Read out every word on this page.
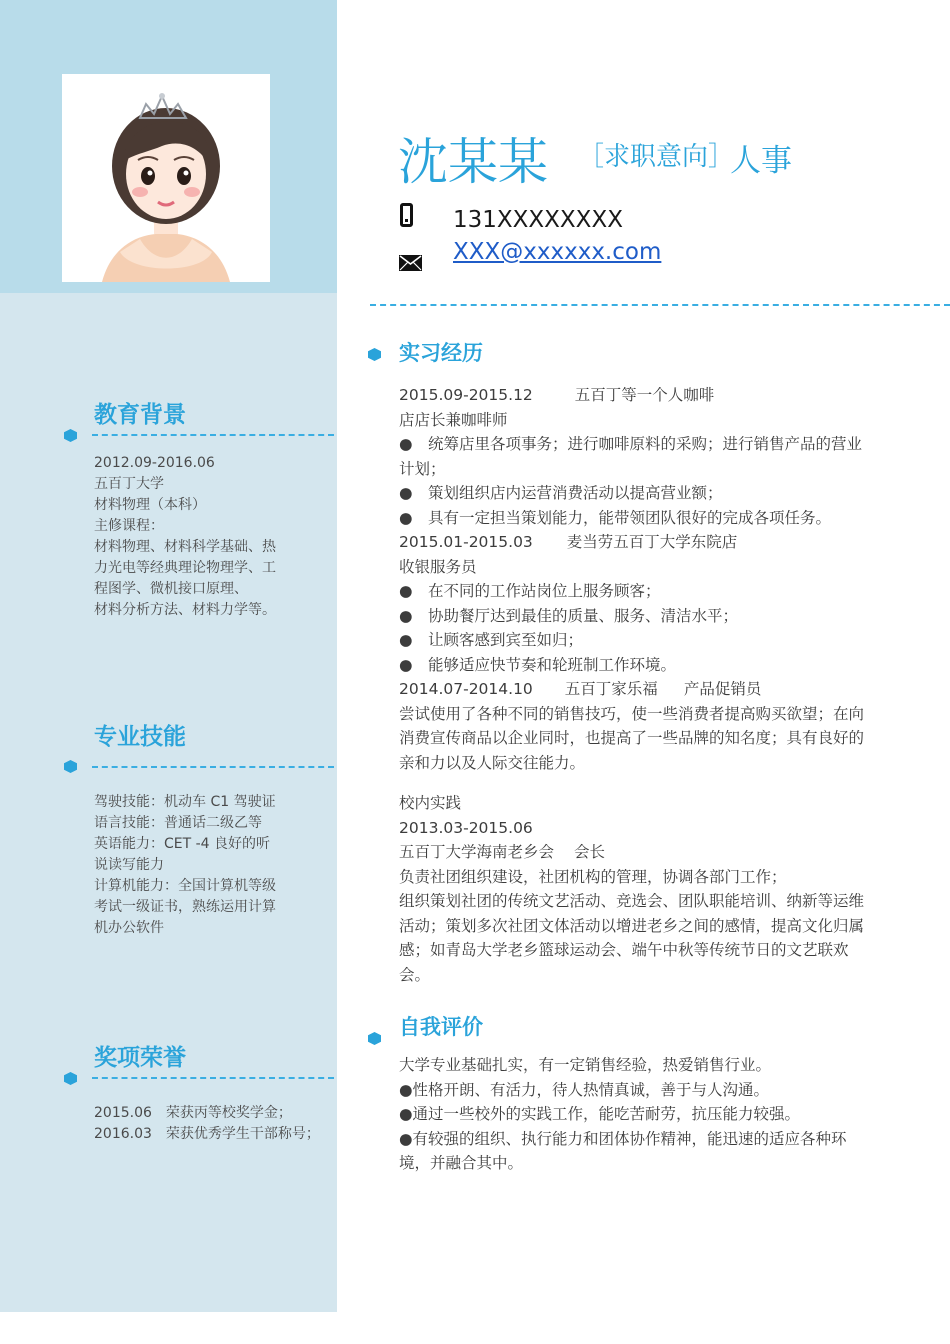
2012.09-2016.06
五百丁大学
材料物理（本科）
主修课程：
材料物理、材料科学基础、热
力光电等经典理论物理学、工
程图学、微机接口原理、
材料分析方法、材料力学等。
专业技能
驾驶技能：机动车 C1 驾驶证
语言技能：普通话二级乙等
英语能力：CET -4 良好的听
说读写能力
计算机能力：全国计算机等级
考试一级证书，熟练运用计算
机办公软件
奖项荣誉
2015.06　荣获丙等校奖学金；
2016.03　荣获优秀学生干部称号；
沈某某 ［求职意向］
人事
131XXXXXXXX
XXX@xxxxxx.com
实习经历
2015.09-2015.12	五百丁等一个人咖啡
店店长兼咖啡师
●　统筹店里各项事务；进行咖啡原料的采购；进行销售产品的营业计划；
●　策划组织店内运营消费活动以提高营业额；
●　具有一定担当策划能力，能带领团队很好的完成各项任务。
2015.01-2015.03 麦当劳五百丁大学东院店
收银服务员
●　在不同的工作站岗位上服务顾客；
●　协助餐厅达到最佳的质量、服务、清洁水平；
●　让顾客感到宾至如归；
●　能够适应快节奏和轮班制工作环境。
2014.07-2014.10 五百丁家乐福 产品促销员
尝试使用了各种不同的销售技巧，使一些消费者提高购买欲望；在向消费宣传商品以企业同时，也提高了一些品牌的知名度；具有良好的亲和力以及人际交往能力。
校内实践
2013.03-2015.06
五百丁大学海南老乡会 会长
负责社团组织建设，社团机构的管理，协调各部门工作；
组织策划社团的传统文艺活动、竞选会、团队职能培训、纳新等运维活动；策划多次社团文体活动以增进老乡之间的感情，提高文化归属感；如青岛大学老乡篮球运动会、端午中秋等传统节日的文艺联欢会。
自我评价
大学专业基础扎实，有一定销售经验，热爱销售行业。
●性格开朗、有活力，待人热情真诚，善于与人沟通。
●通过一些校外的实践工作，能吃苦耐劳，抗压能力较强。
●有较强的组织、执行能力和团体协作精神，能迅速的适应各种环境，并融合其中。
